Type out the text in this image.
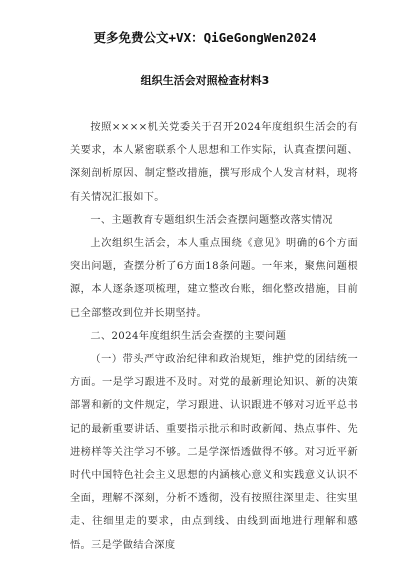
更多免费公文+VX：QiGeGongWen2024
组织生活会对照检查材料3

按照××××机关党委关于召开2024年度组织生活会的有关要求，本人紧密联系个人思想和工作实际，认真查摆问题、深刻剖析原因、制定整改措施，撰写形成个人发言材料，现将有关情况汇报如下。

一、主题教育专题组织生活会查摆问题整改落实情况

上次组织生活会，本人重点围绕《意见》明确的6个方面突出问题，查摆分析了6方面18条问题。一年来，聚焦问题根源，本人逐条逐项梳理，建立整改台账，细化整改措施，目前已全部整改到位并长期坚持。

二、2024年度组织生活会查摆的主要问题

（一）带头严守政治纪律和政治规矩，维护党的团结统一方面。一是学习跟进不及时。对党的最新理论知识、新的决策部署和新的文件规定，学习跟进、认识跟进不够对习近平总书记的最新重要讲话、重要指示批示和时政新闻、热点事件、先进榜样等关注学习不够。二是学深悟透做得不够。对习近平新时代中国特色社会主义思想的内涵核心意义和实践意义认识不全面，理解不深刻，分析不透彻，没有按照往深里走、往实里走、往细里走的要求，由点到线、由线到面地进行理解和感悟。三是学做结合深度
